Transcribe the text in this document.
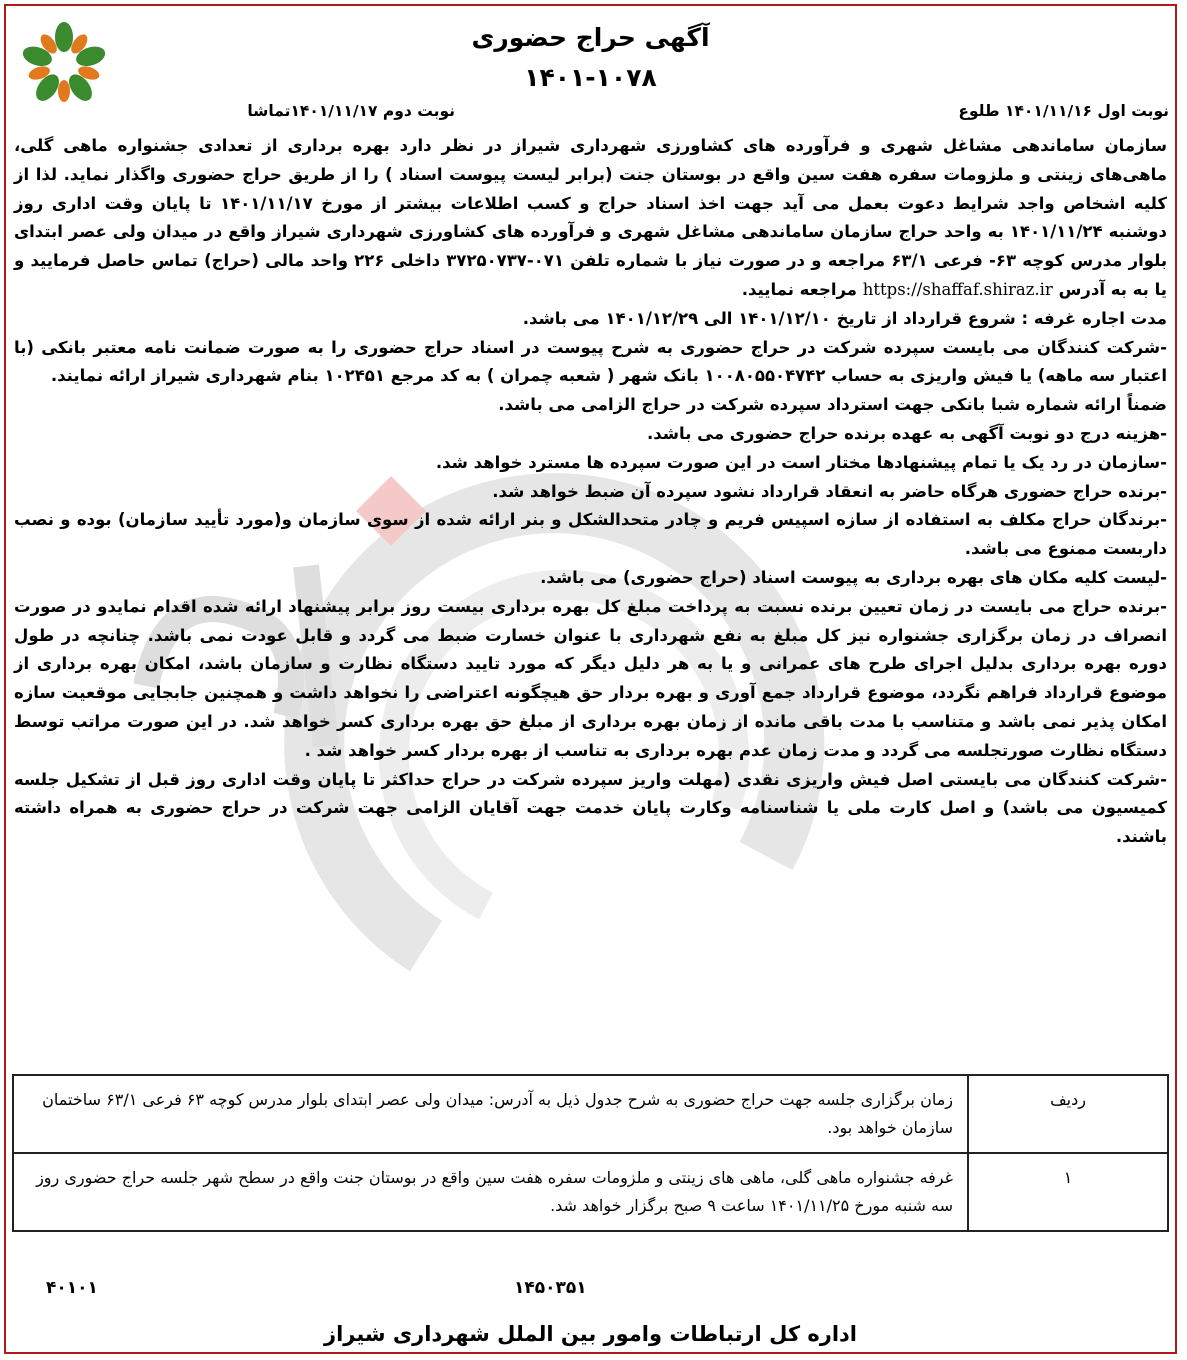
آگهی حراج حضوری
۱۴۰۱-۱۰۷۸
نوبت اول ۱۴۰۱/۱۱/۱۶ طلوع
نوبت دوم ۱۴۰۱/۱۱/۱۷تماشا

سازمان ساماندهی مشاغل شهری و فرآورده های کشاورزی شهرداری شیراز در نظر دارد بهره برداری از تعدادی جشنواره ماهی گلی، ماهی‌های زینتی و ملزومات سفره هفت سین واقع در بوستان جنت (برابر لیست پیوست اسناد ) را از طریق حراج حضوری واگذار نماید. لذا از کلیه اشخاص واجد شرایط دعوت بعمل می آید جهت اخذ اسناد حراج و کسب اطلاعات بیشتر از مورخ ۱۴۰۱/۱۱/۱۷ تا پایان وقت اداری روز دوشنبه ۱۴۰۱/۱۱/۲۴ به واحد حراج سازمان ساماندهی مشاغل شهری و فرآورده های کشاورزی شهرداری شیراز واقع در میدان ولی عصر ابتدای بلوار مدرس کوچه ۶۳- فرعی ۶۳/۱ مراجعه و در صورت نیاز با شماره تلفن ۰۷۱-۳۷۲۵۰۷۳۷ داخلی ۲۲۶ واحد مالی (حراج) تماس حاصل فرمایید و یا به به آدرس https://shaffaf.shiraz.ir مراجعه نمایید.

مدت اجاره غرفه : شروع قرارداد از تاریخ ۱۴۰۱/۱۲/۱۰ الی ۱۴۰۱/۱۲/۲۹ می باشد.

-شرکت کنندگان می بایست سپرده شرکت در حراج حضوری به شرح پیوست در اسناد حراج حضوری را به صورت ضمانت نامه معتبر بانکی (با اعتبار سه ماهه) یا فیش واریزی به حساب ۱۰۰۸۰۵۵۰۴۷۴۲ بانک شهر ( شعبه چمران ) به کد مرجع ۱۰۲۴۵۱ بنام شهرداری شیراز ارائه نمایند.

ضمناً ارائه شماره شبا بانکی جهت استرداد سپرده شرکت در حراج الزامی می باشد.

-هزینه درج دو نوبت آگهی به عهده برنده حراج حضوری می باشد.

-سازمان در رد یک یا تمام پیشنهادها مختار است در این صورت سپرده ها مسترد خواهد شد.

-برنده حراج حضوری هرگاه حاضر به انعقاد قرارداد نشود سپرده آن ضبط خواهد شد.

-برندگان حراج مکلف به استفاده از سازه اسپیس فریم و چادر متحدالشکل و بنر ارائه شده از سوی سازمان و(مورد تأیید سازمان) بوده و نصب داربست ممنوع می باشد.

-لیست کلیه مکان های بهره برداری به پیوست اسناد (حراج حضوری) می باشد.

-برنده حراج می بایست در زمان تعیین برنده نسبت به پرداخت مبلغ کل بهره برداری بیست روز برابر پیشنهاد ارائه شده اقدام نمایدو در صورت انصراف در زمان برگزاری جشنواره نیز کل مبلغ به نفع شهرداری با عنوان خسارت ضبط می گردد و قابل عودت نمی باشد. چنانچه در طول دوره بهره برداری بدلیل اجرای طرح های عمرانی و یا به هر دلیل دیگر که مورد تایید دستگاه نظارت و سازمان باشد، امکان بهره برداری از موضوع قرارداد فراهم نگردد، موضوع قرارداد جمع آوری و بهره بردار حق هیچگونه اعتراضی را نخواهد داشت و همچنین جابجایی موقعیت سازه امکان پذیر نمی باشد و متناسب با مدت باقی مانده از زمان بهره برداری از مبلغ حق بهره برداری کسر خواهد شد. در این صورت مراتب توسط دستگاه نظارت صورتجلسه می گردد و مدت زمان عدم بهره برداری به تناسب از بهره بردار کسر خواهد شد .

-شرکت کنندگان می بایستی اصل فیش واریزی نقدی (مهلت واریز سپرده شرکت در حراج حداکثر تا پایان وقت اداری روز قبل از تشکیل جلسه کمیسیون می باشد) و اصل کارت ملی یا شناسنامه وکارت پایان خدمت جهت آقایان الزامی جهت شرکت در حراج حضوری به همراه داشته باشند.

ردیف	زمان برگزاری جلسه جهت حراج حضوری به شرح جدول ذیل به آدرس: میدان ولی عصر ابتدای بلوار مدرس کوچه ۶۳ فرعی ۶۳/۱ ساختمان سازمان خواهد بود.
۱	غرفه جشنواره ماهی گلی، ماهی های زینتی و ملزومات سفره هفت سین واقع در بوستان جنت واقع در سطح شهر جلسه حراج حضوری روز سه شنبه مورخ ۱۴۰۱/۱۱/۲۵ ساعت ۹ صبح برگزار خواهد شد.
۴۰۱۰۱	۱۴۵۰۳۵۱
اداره کل ارتباطات وامور بین الملل شهرداری شیراز
